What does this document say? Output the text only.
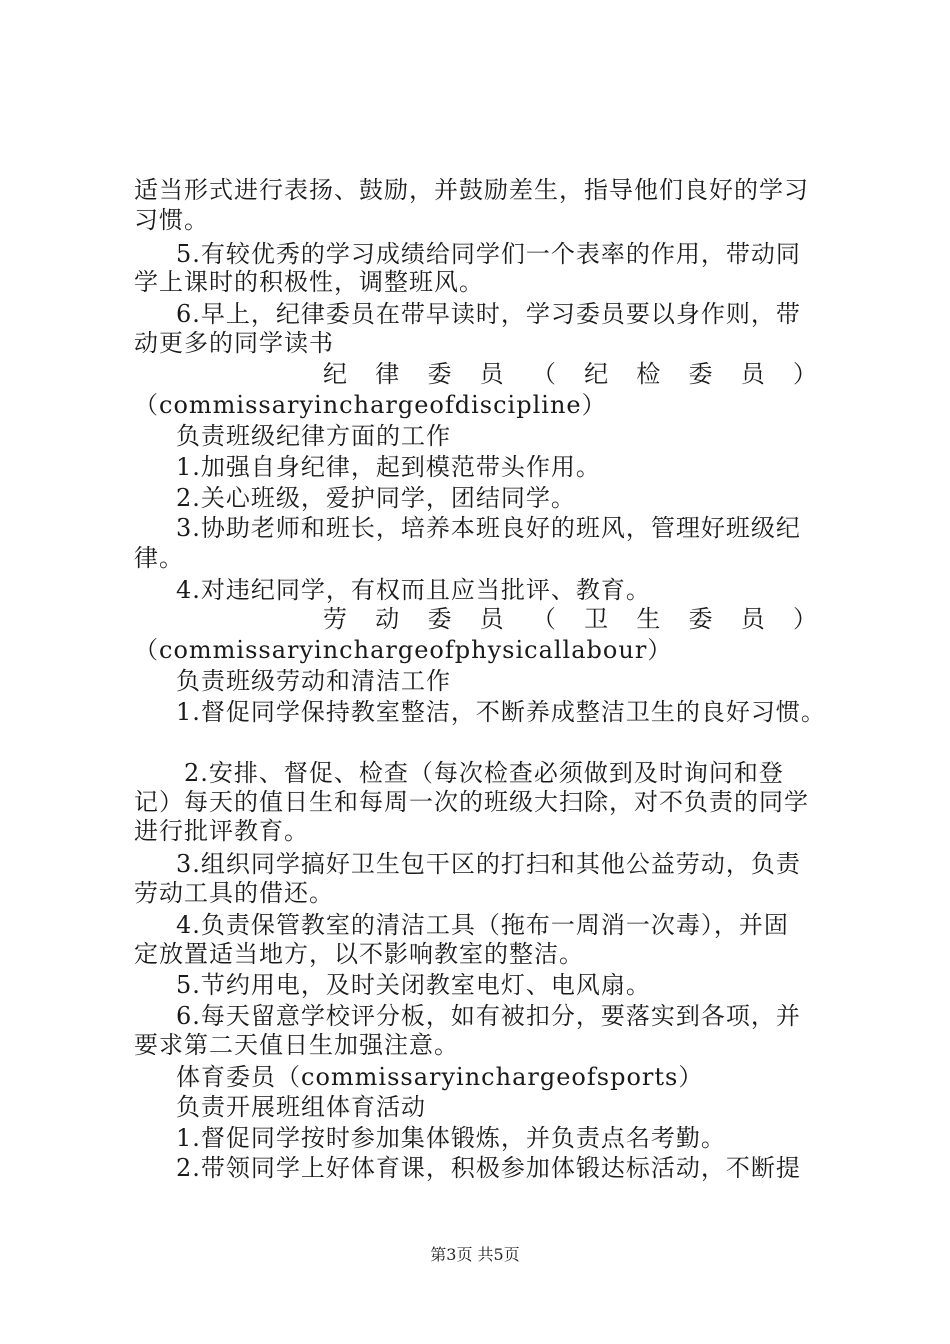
适当形式进行表扬、鼓励，并鼓励差生，指导他们良好的学习
习惯。
5.有较优秀的学习成绩给同学们一个表率的作用，带动同
学上课时的积极性，调整班风。
6.早上，纪律委员在带早读时，学习委员要以身作则，带
动更多的同学读书
纪 律 委 员 （ 纪 检 委 员 ）
（commissaryinchargeofdiscipline）
负责班级纪律方面的工作
1.加强自身纪律，起到模范带头作用。
2.关心班级，爱护同学，团结同学。
3.协助老师和班长，培养本班良好的班风，管理好班级纪
律。
4.对违纪同学，有权而且应当批评、教育。
劳 动 委 员 （ 卫 生 委 员 ）
（commissaryinchargeofphysicallabour）
负责班级劳动和清洁工作
1.督促同学保持教室整洁，不断养成整洁卫生的良好习惯。
2.安排、督促、检查（每次检查必须做到及时询问和登
记）每天的值日生和每周一次的班级大扫除，对不负责的同学
进行批评教育。
3.组织同学搞好卫生包干区的打扫和其他公益劳动，负责
劳动工具的借还。
4.负责保管教室的清洁工具（拖布一周消一次毒），并固
定放置适当地方，以不影响教室的整洁。
5.节约用电，及时关闭教室电灯、电风扇。
6.每天留意学校评分板，如有被扣分，要落实到各项，并
要求第二天值日生加强注意。
体育委员（commissaryinchargeofsports）
负责开展班组体育活动
1.督促同学按时参加集体锻炼，并负责点名考勤。
2.带领同学上好体育课，积极参加体锻达标活动，不断提
第3页 共5页
